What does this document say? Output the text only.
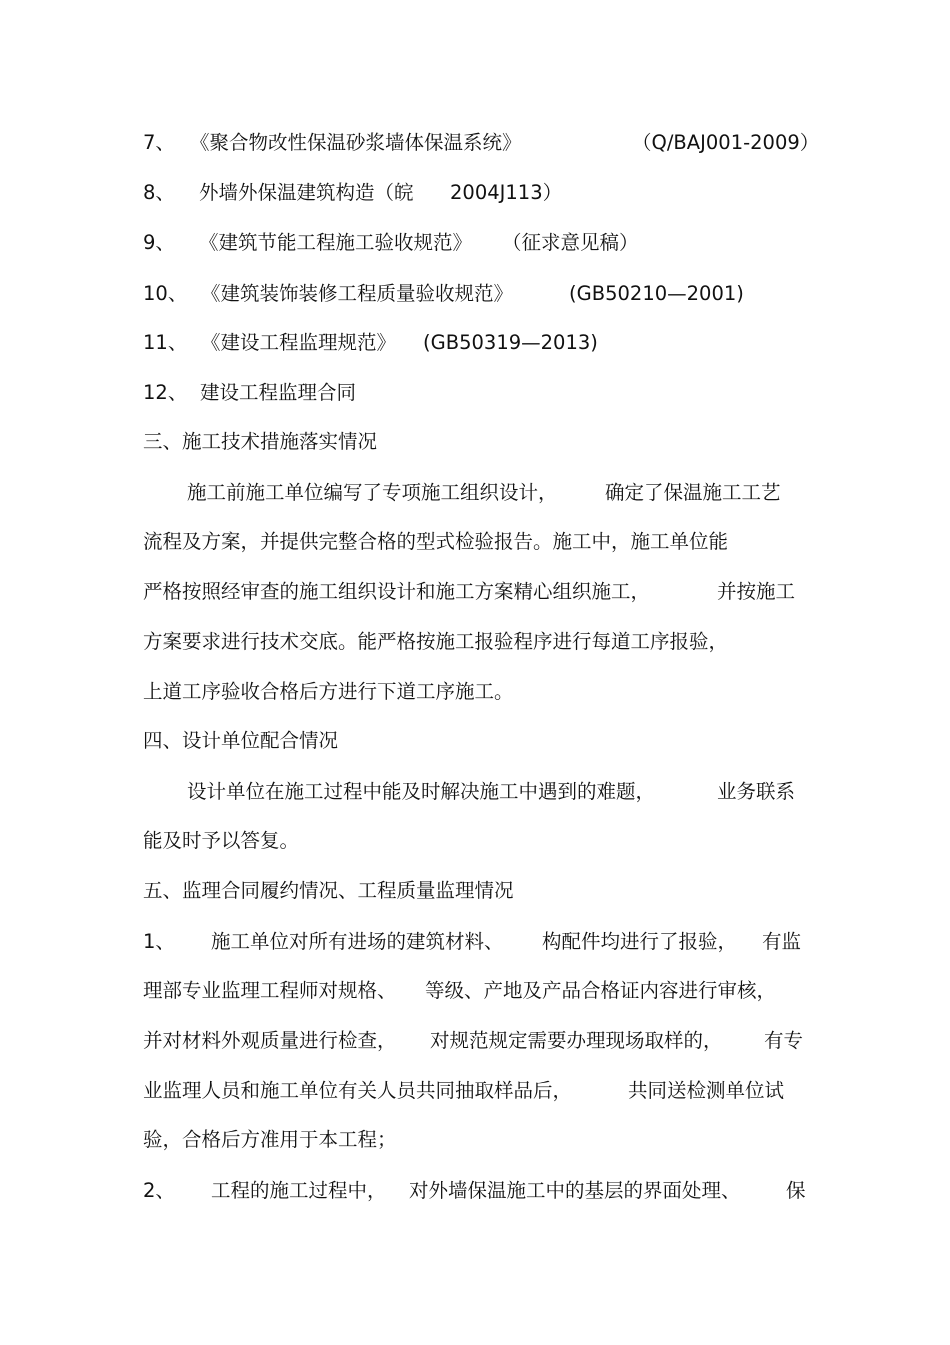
7、 《聚合物改性保温砂浆墙体保温系统》	（Q/BAJ001-2009）
8、 外墙外保温建筑构造（皖 2004J113）
9、 《建筑节能工程施工验收规范》 （征求意见稿）
10、 《建筑装饰装修工程质量验收规范》	(GB50210—2001)
11、 《建设工程监理规范》 (GB50319—2013)
12、 建设工程监理合同
三、施工技术措施落实情况
施工前施工单位编写了专项施工组织设计， 确定了保温施工工艺
流程及方案，并提供完整合格的型式检验报告。施工中，施工单位能
严格按照经审查的施工组织设计和施工方案精心组织施工，	并按施工
方案要求进行技术交底。能严格按施工报验程序进行每道工序报验，
上道工序验收合格后方进行下道工序施工。
四、设计单位配合情况
设计单位在施工过程中能及时解决施工中遇到的难题，	业务联系
能及时予以答复。
五、监理合同履约情况、工程质量监理情况
1、 施工单位对所有进场的建筑材料、 构配件均进行了报验， 有监
理部专业监理工程师对规格、 等级、产地及产品合格证内容进行审核，
并对材料外观质量进行检查， 对规范规定需要办理现场取样的， 有专
业监理人员和施工单位有关人员共同抽取样品后，	共同送检测单位试
验，合格后方准用于本工程；
2、 工程的施工过程中， 对外墙保温施工中的基层的界面处理、 保
